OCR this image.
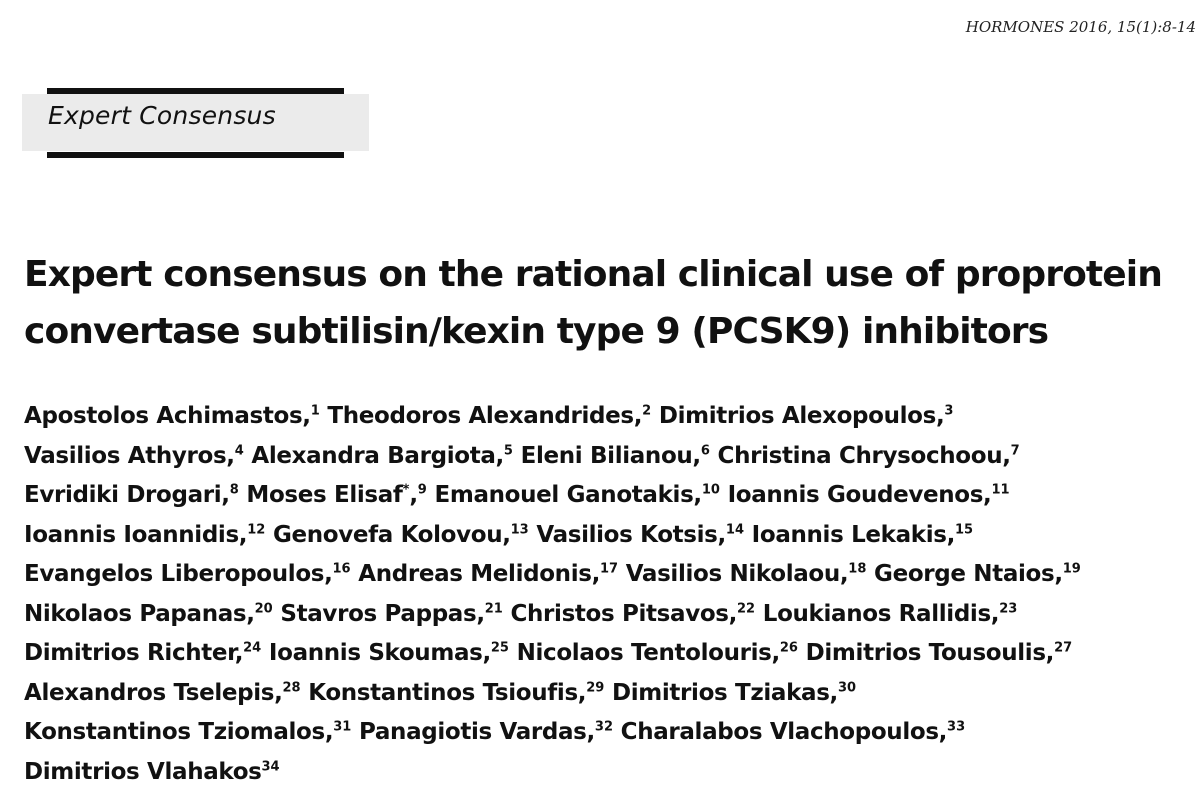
HORMONES 2016, 15(1):8-14
Expert Consensus
Expert consensus on the rational clinical use of proprotein
convertase subtilisin/kexin type 9 (PCSK9) inhibitors
Apostolos Achimastos,$^1$ Theodoros Alexandrides,$^2$ Dimitrios Alexopoulos,$^3$
Vasilios Athyros,$^4$ Alexandra Bargiota,$^5$ Eleni Bilianou,$^6$ Christina Chrysochoou,$^7$
Evridiki Drogari,$^8$ Moses Elisaf*,$^9$ Emanouel Ganotakis,$^{10}$ Ioannis Goudevenos,$^{11}$
Ioannis Ioannidis,$^{12}$ Genovefa Kolovou,$^{13}$ Vasilios Kotsis,$^{14}$ Ioannis Lekakis,$^{15}$
Evangelos Liberopoulos,$^{16}$ Andreas Melidonis,$^{17}$ Vasilios Nikolaou,$^{18}$ George Ntaios,$^{19}$
Nikolaos Papanas,$^{20}$ Stavros Pappas,$^{21}$ Christos Pitsavos,$^{22}$ Loukianos Rallidis,$^{23}$
Dimitrios Richter,$^{24}$ Ioannis Skoumas,$^{25}$ Nicolaos Tentolouris,$^{26}$ Dimitrios Tousoulis,$^{27}$
Alexandros Tselepis,$^{28}$ Konstantinos Tsioufis,$^{29}$ Dimitrios Tziakas,$^{30}$
Konstantinos Tziomalos,$^{31}$ Panagiotis Vardas,$^{32}$ Charalabos Vlachopoulos,$^{33}$
Dimitrios Vlahakos$^{34}$
